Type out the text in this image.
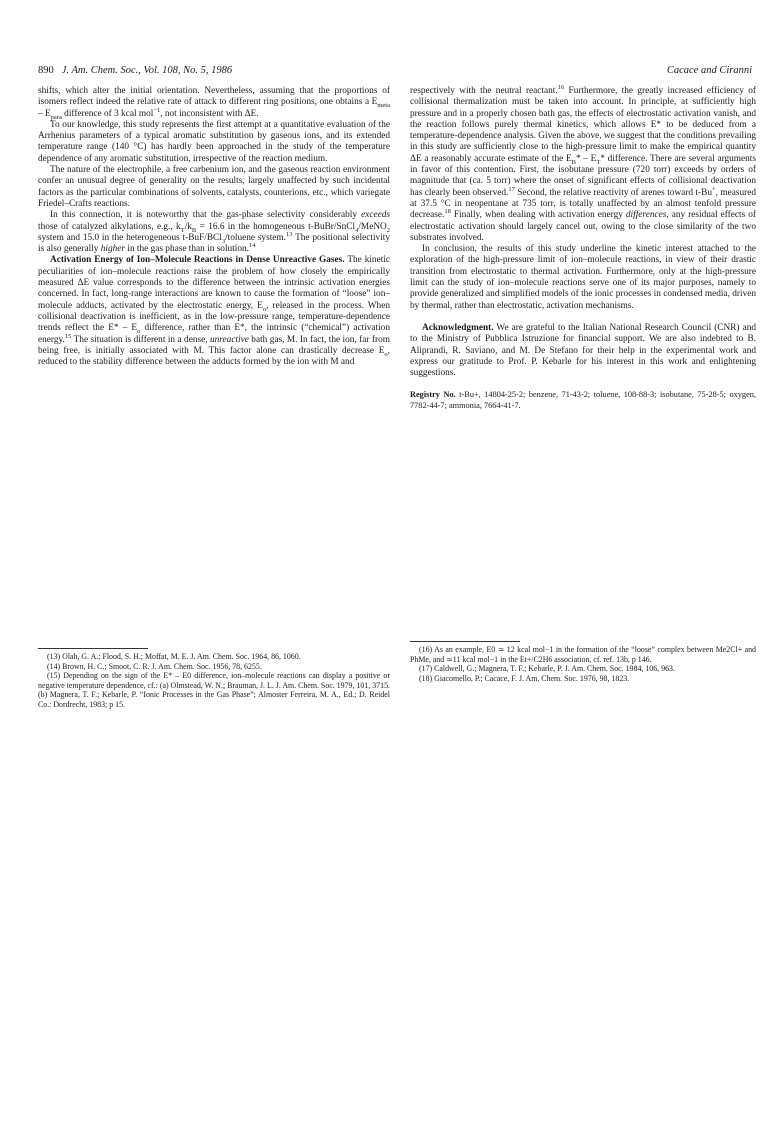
890 J. Am. Chem. Soc., Vol. 108, No. 5, 1986	Cacace and Ciranni

shifts, which alter the initial orientation. Nevertheless, assuming that the proportions of isomers reflect indeed the relative rate of attack to different ring positions, one obtains a $E_{meta} - E_{para}$ difference of 3 kcal mol$^{-1}$, not inconsistent with ΔE.

To our knowledge, this study represents the first attempt at a quantitative evaluation of the Arrhenius parameters of a typical aromatic substitution by gaseous ions, and its extended temperature range (140 °C) has hardly been approached in the study of the temperature dependence of any aromatic substitution, irrespective of the reaction medium.

The nature of the electrophile, a free carbenium ion, and the gaseous reaction environment confer an unusual degree of generality on the results, largely unaffected by such incidental factors as the particular combinations of solvents, catalysts, counterions, etc., which variegate Friedel–Crafts reactions.

In this connection, it is noteworthy that the gas-phase selectivity considerably exceeds those of catalyzed alkylations, e.g., $k_T/k_B = 16.6$ in the homogeneous t-BuBr/SnCl$_4$/MeNO$_2$ system and 15.0 in the heterogeneous t-BuF/BCl$_3$/toluene system.$^{13}$ The positional selectivity is also generally higher in the gas phase than in solution.$^{14}$

Activation Energy of Ion–Molecule Reactions in Dense Unreactive Gases. The kinetic peculiarities of ion–molecule reactions raise the problem of how closely the empirically measured ΔE value corresponds to the difference between the intrinsic activation energies concerned. In fact, long-range interactions are known to cause the formation of “loose” ion–molecule adducts, activated by the electrostatic energy, $E_o$, released in the process. When collisional deactivation is inefficient, as in the low-pressure range, temperature-dependence trends reflect the $E* - E_o$ difference, rather than E*, the intrinsic (“chemical”) activation energy.$^{15}$ The situation is different in a dense, unreactive bath gas, M. In fact, the ion, far from being free, is initially associated with M. This factor alone can drastically decrease $E_o$, reduced to the stability difference between the adducts formed by the ion with M and

respectively with the neutral reactant.$^{16}$ Furthermore, the greatly increased efficiency of collisional thermalization must be taken into account. In principle, at sufficiently high pressure and in a properly chosen bath gas, the effects of electrostatic activation vanish, and the reaction follows purely thermal kinetics, which allows E* to be deduced from a temperature-dependence analysis. Given the above, we suggest that the conditions prevailing in this study are sufficiently close to the high-pressure limit to make the empirical quantity ΔE a reasonably accurate estimate of the $E_B* - E_T*$ difference. There are several arguments in favor of this contention. First, the isobutane pressure (720 torr) exceeds by orders of magnitude that (ca. 5 torr) where the onset of significant effects of collisional deactivation has clearly been observed.$^{17}$ Second, the relative reactivity of arenes toward t-Bu+, measured at 37.5 °C in neopentane at 735 torr, is totally unaffected by an almost tenfold pressure decrease.$^{18}$ Finally, when dealing with activation energy differences, any residual effects of electrostatic activation should largely cancel out, owing to the close similarity of the two substrates involved.

In conclusion, the results of this study underline the kinetic interest attached to the exploration of the high-pressure limit of ion–molecule reactions, in view of their drastic transition from electrostatic to thermal activation. Furthermore, only at the high-pressure limit can the study of ion–molecule reactions serve one of its major purposes, namely to provide generalized and simplified models of the ionic processes in condensed media, driven by thermal, rather than electrostatic, activation mechanisms.

Acknowledgment. We are grateful to the Italian National Research Council (CNR) and to the Ministry of Pubblica Istruzione for financial support. We are also indebted to B. Aliprandi, R. Saviano, and M. De Stefano for their help in the experimental work and express our gratitude to Prof. P. Kebarle for his interest in this work and enlightening suggestions.

Registry No. t-Bu+, 14804-25-2; benzene, 71-43-2; toluene, 108-88-3; isobutane, 75-28-5; oxygen, 7782-44-7; ammonia, 7664-41-7.

(13) Olah, G. A.; Flood, S. H.; Moffat, M. E. J. Am. Chem. Soc. 1964, 86, 1060.

(14) Brown, H. C.; Smoot, C. R. J. Am. Chem. Soc. 1956, 78, 6255.

(15) Depending on the sign of the E* – E0 difference, ion–molecule reactions can display a positive or negative temperature dependence, cf.: (a) Olmstead, W. N.; Brauman, J. L. J. Am. Chem. Soc. 1979, 101, 3715. (b) Magnera, T. F.; Kebarle, P. “Ionic Processes in the Gas Phase”; Almoster Ferreira, M. A., Ed.; D. Reidel Co.: Dordrecht, 1983; p 15.

(16) As an example, E0 ≃ 12 kcal mol−1 in the formation of the “loose” complex between Me2Cl+ and PhMe, and ≃11 kcal mol−1 in the Et+/C2H6 association, cf. ref. 13b, p 146.

(17) Caldwell, G.; Magnera, T. F.; Kebarle, P. J. Am. Chem. Soc. 1984, 106, 963.

(18) Giacomello, P.; Cacace, F. J. Am. Chem. Soc. 1976, 98, 1823.
